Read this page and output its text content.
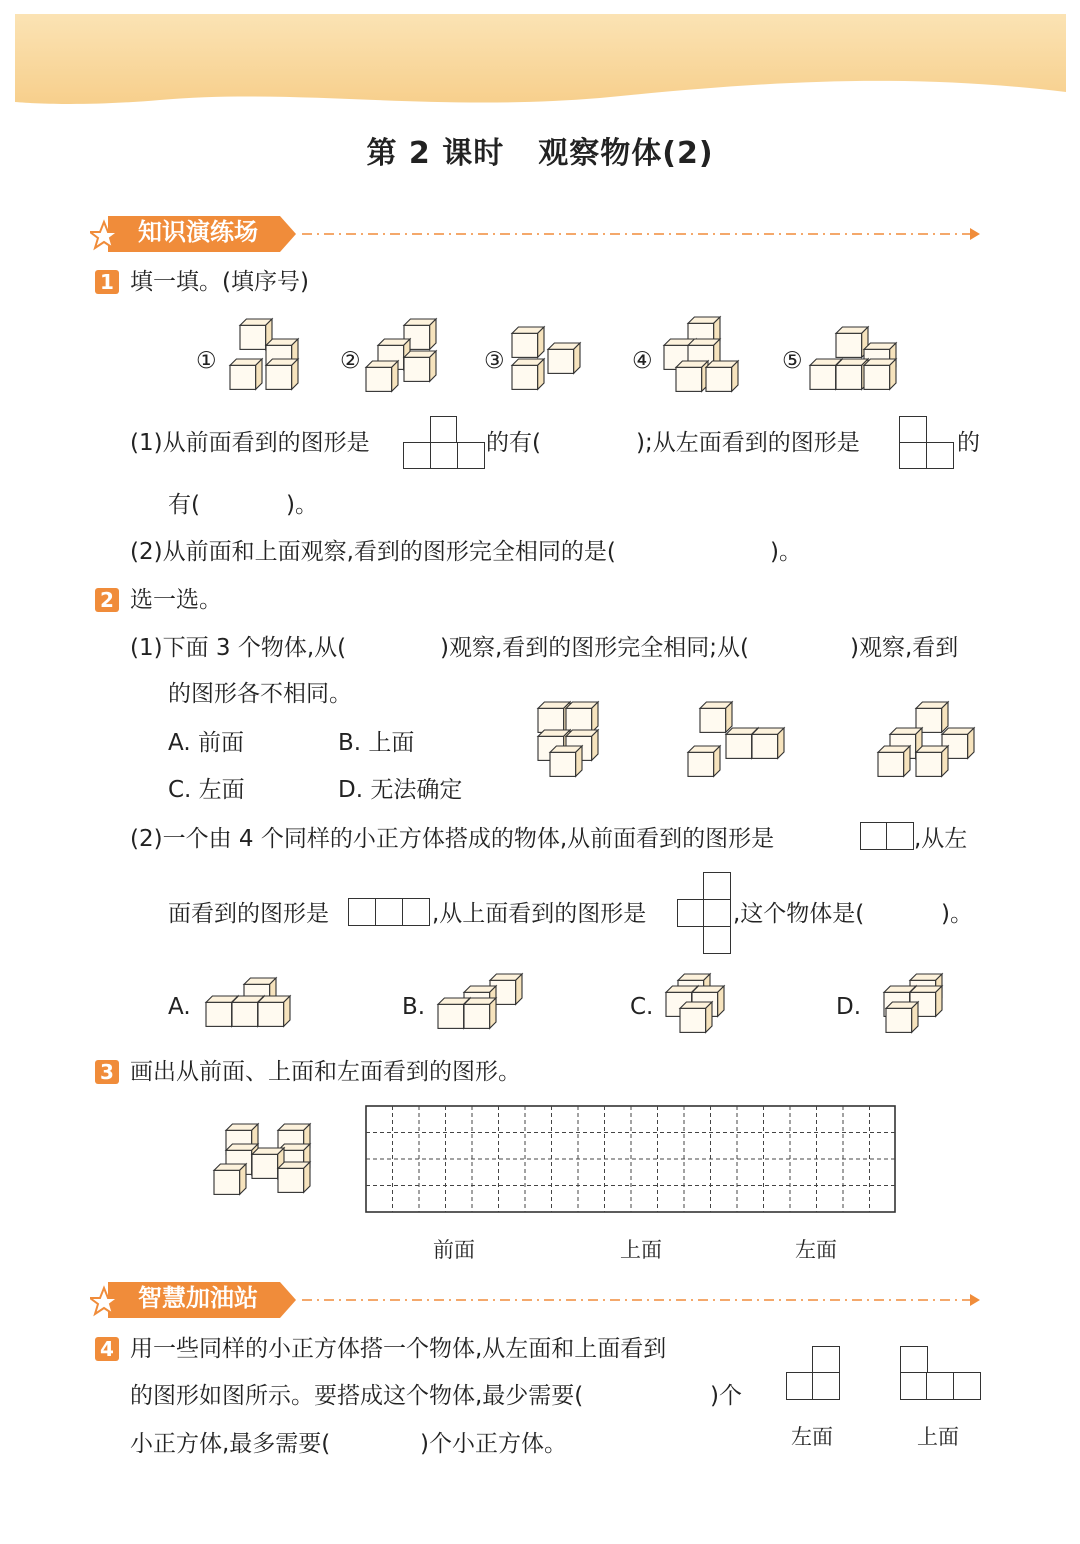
第 2 课时 观察物体(2)
知识演练场
1 填一填。(填序号)
①	②	③	④	⑤
(1)从前面看到的图形是	的有(	);从左面看到的图形是	的
有(	)。
(2)从前面和上面观察,看到的图形完全相同的是(	)。
2 选一选。
(1)下面 3 个物体,从(	)观察,看到的图形完全相同;从(	)观察,看到
的图形各不相同。
A. 前面	B. 上面
C. 左面	D. 无法确定
(2)一个由 4 个同样的小正方体搭成的物体,从前面看到的图形是	,从左
面看到的图形是	,从上面看到的图形是	,这个物体是(	)。
A.	B.	C.	D.
3 画出从前面、上面和左面看到的图形。
前面	上面	左面
智慧加油站
4 用一些同样的小正方体搭一个物体,从左面和上面看到
的图形如图所示。要搭成这个物体,最少需要(	)个
小正方体,最多需要(	)个小正方体。	左面	上面
